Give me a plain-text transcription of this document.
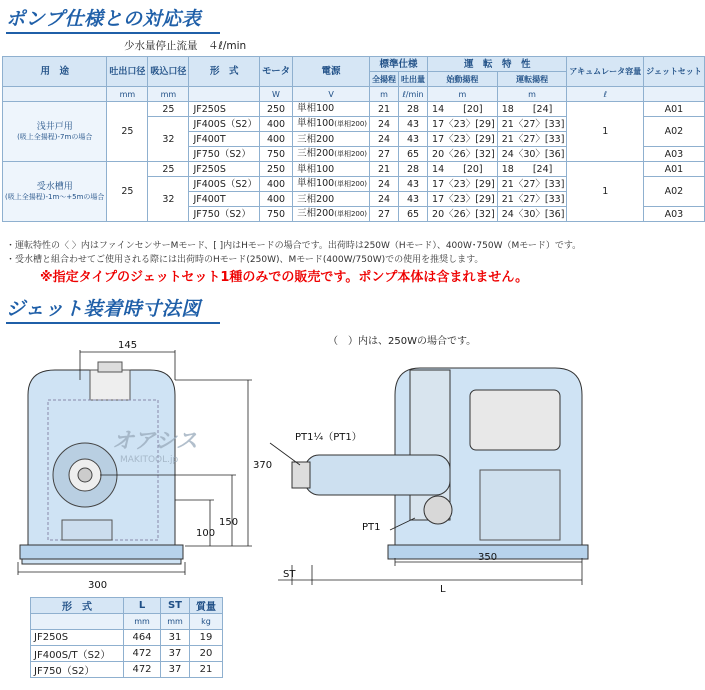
ポンプ仕様との対応表
少水量停止流量　４ℓ/min
用　途	吐出口径	吸込口径	形　式	モータ	電源	標準仕様		運　転　特　性		アキュムレータ容量	ジェットセット
						全揚程	吐出量	始動揚程	運転揚程		
	mm	mm		W	V	m	ℓ/min	m	m	ℓ	
浅井戸用
(吸上全揚程)-7mの場合	25	25	JF250S	250	単相100	21	28	14　　[20]	18　　[24]	1	A01
		32	JF400S（S2）	400	単相100(単相200)	24	43	17〈23〉[29]	21〈27〉[33]		A02
			JF400T	400	三相200	24	43	17〈23〉[29]	21〈27〉[33]		
			JF750（S2）	750	三相200(単相200)	27	65	20〈26〉[32]	24〈30〉[36]		A03
受水槽用
(吸上全揚程)-1m〜+5mの場合	25	25	JF250S	250	単相100	21	28	14　　[20]	18　　[24]	1	A01
		32	JF400S（S2）	400	単相100(単相200)	24	43	17〈23〉[29]	21〈27〉[33]		A02
			JF400T	400	三相200	24	43	17〈23〉[29]	21〈27〉[33]		
			JF750（S2）	750	三相200(単相200)	27	65	20〈26〉[32]	24〈30〉[36]		A03
・運転特性の〈 〉内はファインセンサーMモード、[ ]内はHモードの場合です。出荷時は250W（Hモード）、400W･750W（Mモード）です。
・受水槽と組合わせてご使用される際には出荷時のHモード(250W)、Mモード(400W/750W)での使用を推奨します。
※指定タイプのジェットセット1種のみでの販売です。ポンプ本体は含まれません。
ジェット装着時寸法図
（　）内は、250Wの場合です。
145
300
370
150
100
オアシス
MAKITOOL.jp
PT1¼（PT1）
PT1
350
ST
L
形　式	L	ST	質量
	mm	mm	kg
JF250S	464	31	19
JF400S/T（S2）	472	37	20
JF750（S2）	472	37	21
